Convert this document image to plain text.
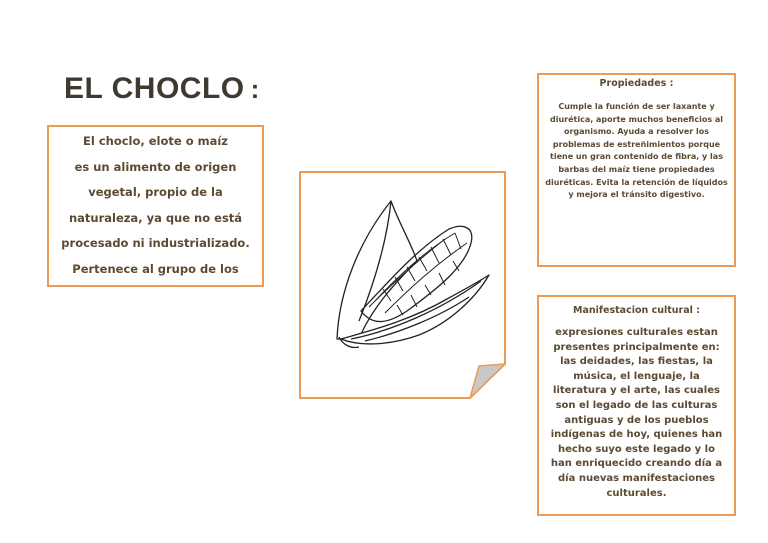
EL CHOCLO :
El choclo, elote o maíz
es un alimento de origen
vegetal, propio de la
naturaleza, ya que no está
procesado ni industrializado.
Pertenece al grupo de los
Propiedades :
Cumple la función de ser laxante y diurética, aporte muchos beneficios al organismo. Ayuda a resolver los problemas de estreñimientos porque tiene un gran contenido de fibra, y las barbas del maíz tiene propiedades diuréticas. Evita la retención de líquidos y mejora el tránsito digestivo.
Manifestacion cultural :
expresiones culturales estan presentes principalmente en: las deidades, las fiestas, la música, el lenguaje, la literatura y el arte, las cuales son el legado de las culturas antiguas y de los pueblos indígenas de hoy, quienes han hecho suyo este legado y lo han enriquecido creando día a día nuevas manifestaciones culturales.
